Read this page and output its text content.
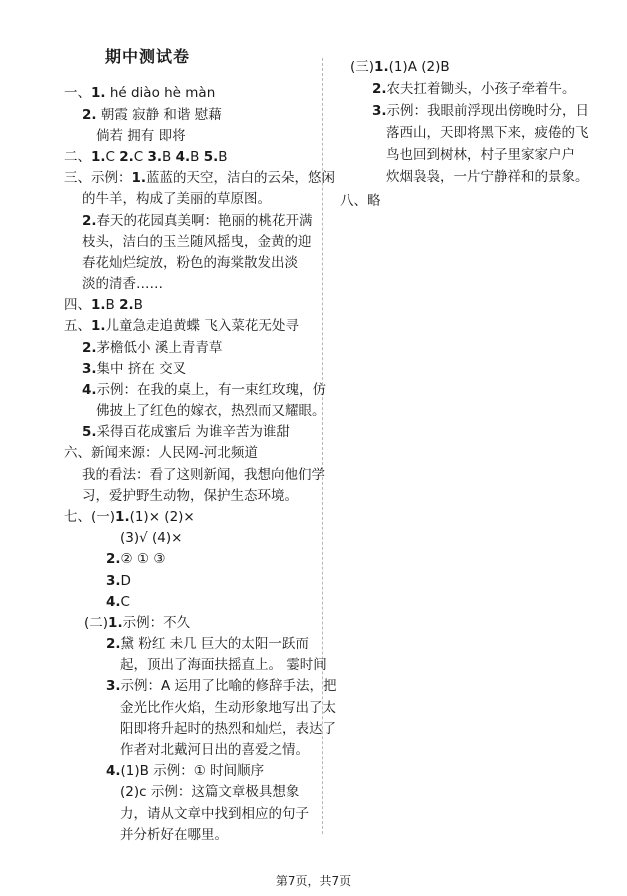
期中测试卷
一、1. hé diào hè màn
2. 朝霞 寂静 和谐 慰藉
倘若 拥有 即将
二、1.C 2.C 3.B 4.B 5.B
三、示例：1.蓝蓝的天空，洁白的云朵，悠闲
的牛羊，构成了美丽的草原图。
2.春天的花园真美啊：艳丽的桃花开满
枝头，洁白的玉兰随风摇曳，金黄的迎
春花灿烂绽放，粉色的海棠散发出淡
淡的清香……
四、1.B 2.B
五、1.儿童急走追黄蝶 飞入菜花无处寻
2.茅檐低小 溪上青青草
3.集中 挤在 交叉
4.示例：在我的桌上，有一束红玫瑰，仿
佛披上了红色的嫁衣，热烈而又耀眼。
5.采得百花成蜜后 为谁辛苦为谁甜
六、新闻来源：人民网-河北频道
我的看法：看了这则新闻，我想向他们学
习，爱护野生动物，保护生态环境。
七、(一)1.(1)× (2)×
(3)√ (4)×
2.② ① ③
3.D
4.C
(二)1.示例：不久
2.黛 粉红 未几 巨大的太阳一跃而
起，顶出了海面扶摇直上。 霎时间
3.示例：A 运用了比喻的修辞手法，把
金光比作火焰，生动形象地写出了太
阳即将升起时的热烈和灿烂，表达了
作者对北戴河日出的喜爱之情。
4.(1)B 示例：① 时间顺序
(2)c 示例：这篇文章极具想象
力，请从文章中找到相应的句子
并分析好在哪里。
(三)1.(1)A (2)B
2.农夫扛着锄头，小孩子牵着牛。
3.示例：我眼前浮现出傍晚时分，日
落西山，天即将黑下来，疲倦的飞
鸟也回到树林，村子里家家户户
炊烟袅袅，一片宁静祥和的景象。
八、略
第7页，共7页
